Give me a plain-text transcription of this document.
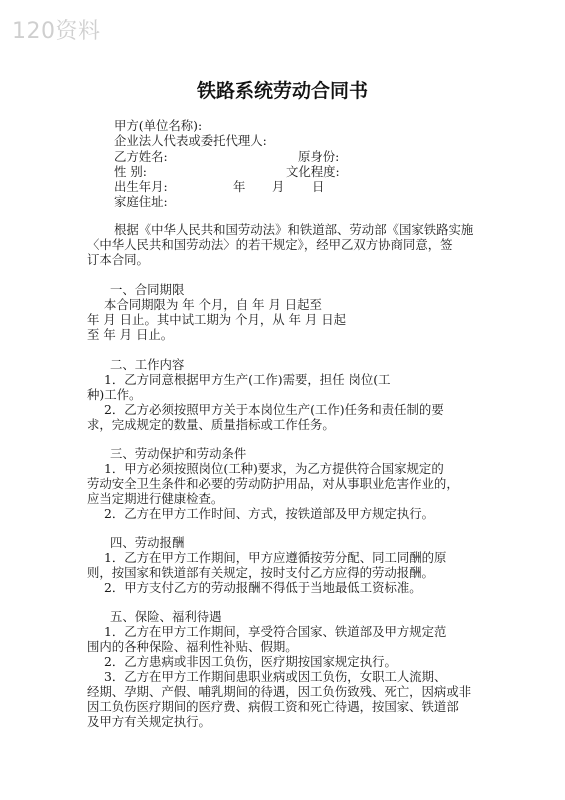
120资料
铁路系统劳动合同书
甲方(单位名称):
企业法人代表或委托代理人:
乙方姓名:	原身份:
性 别:	文化程度:
出生年月:	年 月 日
家庭住址:
根据《中华人民共和国劳动法》和铁道部、劳动部《国家铁路实施
〈中华人民共和国劳动法〉的若干规定》，经甲乙双方协商同意，签
订本合同。
一、合同期限
本合同期限为 年 个月，自 年 月 日起至
年 月 日止。其中试工期为 个月，从 年 月 日起
至 年 月 日止。
二、工作内容
1．乙方同意根据甲方生产(工作)需要，担任 岗位(工
种)工作。
2．乙方必须按照甲方关于本岗位生产(工作)任务和责任制的要
求，完成规定的数量、质量指标或工作任务。
三、劳动保护和劳动条件
1．甲方必须按照岗位(工种)要求，为乙方提供符合国家规定的
劳动安全卫生条件和必要的劳动防护用品，对从事职业危害作业的，
应当定期进行健康检查。
2．乙方在甲方工作时间、方式，按铁道部及甲方规定执行。
四、劳动报酬
1．乙方在甲方工作期间，甲方应遵循按劳分配、同工同酬的原
则，按国家和铁道部有关规定，按时支付乙方应得的劳动报酬。
2．甲方支付乙方的劳动报酬不得低于当地最低工资标准。
五、保险、福利待遇
1．乙方在甲方工作期间，享受符合国家、铁道部及甲方规定范
围内的各种保险、福利性补贴、假期。
2．乙方患病或非因工负伤，医疗期按国家规定执行。
3．乙方在甲方工作期间患职业病或因工负伤，女职工人流期、
经期、孕期、产假、哺乳期间的待遇，因工负伤致残、死亡，因病或非
因工负伤医疗期间的医疗费、病假工资和死亡待遇，按国家、铁道部
及甲方有关规定执行。
